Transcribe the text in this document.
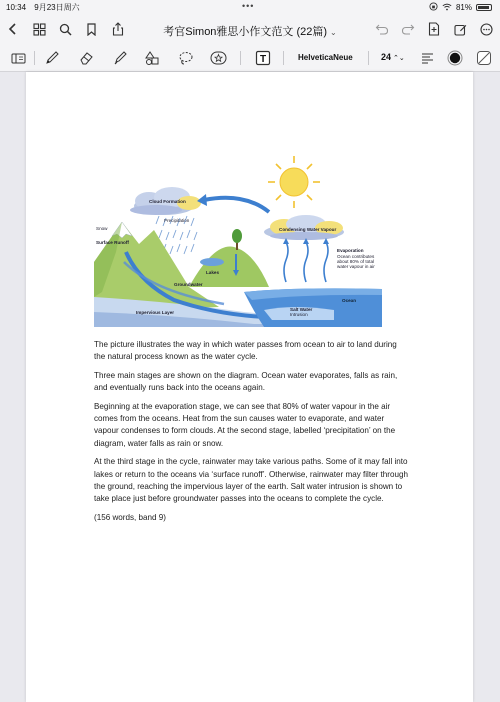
10:34 9月23日周六	•••	81%
考官Simon雅思小作文范文 (22篇) ⌄
T	HelveticaNeue	24 ⌃⌄
Cloud Formation
Condensing Water Vapour
Precipitation
Snow
Surface Runoff
Lakes
Groundwater
Impervious Layer
Ocean
Salt Water
Intrusion
Evaporation
Ocean contributes
about 80% of total
water vapour in air

The picture illustrates the way in which water passes from ocean to air to land during the natural process known as the water cycle.

Three main stages are shown on the diagram. Ocean water evaporates, falls as rain, and eventually runs back into the oceans again.

Beginning at the evaporation stage, we can see that 80% of water vapour in the air comes from the oceans. Heat from the sun causes water to evaporate, and water vapour condenses to form clouds. At the second stage, labelled ‘precipitation’ on the diagram, water falls as rain or snow.

At the third stage in the cycle, rainwater may take various paths. Some of it may fall into lakes or return to the oceans via ‘surface runoff’. Otherwise, rainwater may filter through the ground, reaching the impervious layer of the earth. Salt water intrusion is shown to take place just before groundwater passes into the oceans to complete the cycle.

(156 words, band 9)
